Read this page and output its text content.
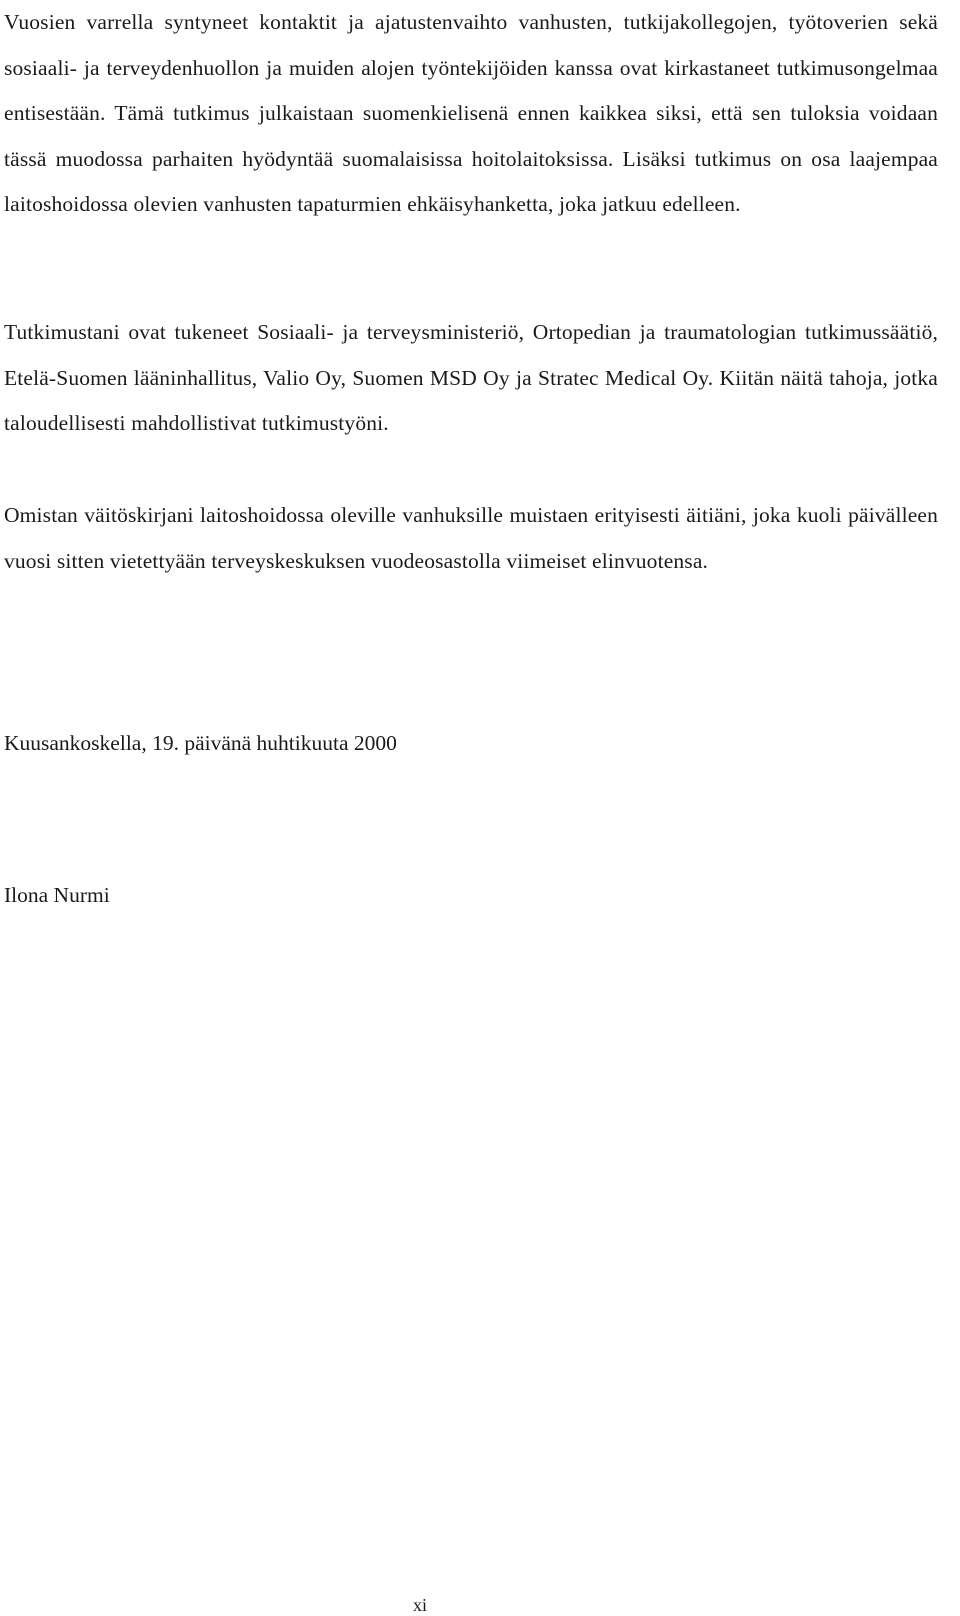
Vuosien varrella syntyneet kontaktit ja ajatustenvaihto vanhusten, tutkijakollegojen, työtoverien sekä sosiaali- ja terveydenhuollon ja muiden alojen työntekijöiden kanssa ovat kirkastaneet tutkimusongelmaa entisestään. Tämä tutkimus julkaistaan suomenkielisenä ennen kaikkea siksi, että sen tuloksia voidaan tässä muodossa parhaiten hyödyntää suomalaisissa hoitolaitoksissa. Lisäksi tutkimus on osa laajempaa laitoshoidossa olevien vanhusten tapaturmien ehkäisyhanketta, joka jatkuu edelleen.

Tutkimustani ovat tukeneet Sosiaali- ja terveysministeriö, Ortopedian ja traumatologian tutkimussäätiö, Etelä-Suomen lääninhallitus, Valio Oy, Suomen MSD Oy ja Stratec Medical Oy. Kiitän näitä tahoja, jotka taloudellisesti mahdollistivat tutkimustyöni.

Omistan väitöskirjani laitoshoidossa oleville vanhuksille muistaen erityisesti äitiäni, joka kuoli päivälleen vuosi sitten vietettyään terveyskeskuksen vuodeosastolla viimeiset elinvuotensa.

Kuusankoskella, 19. päivänä huhtikuuta 2000

Ilona Nurmi

xi
